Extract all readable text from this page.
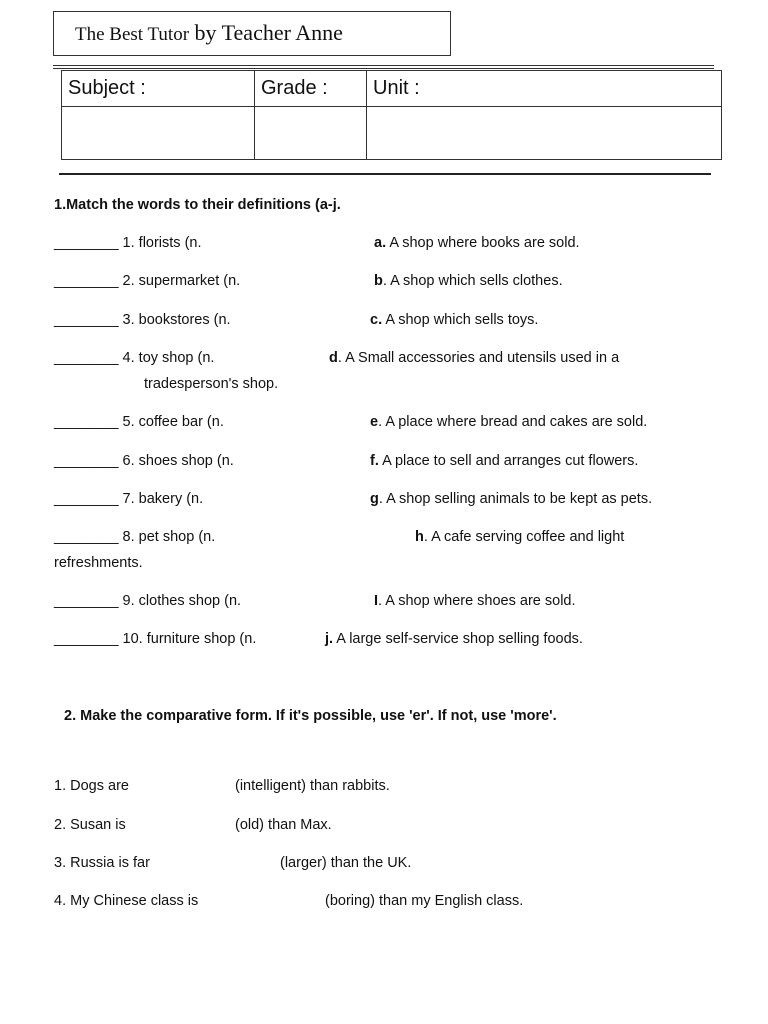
The Best Tutor by Teacher Anne
Subject :	Grade :	Unit :

1.Match the words to their definitions (a-j.
________ 1. florists (n.	a. A shop where books are sold.
________ 2. supermarket (n.	b. A shop which sells clothes.
________ 3. bookstores (n.	c. A shop which sells toys.
________ 4. toy shop (n.	d. A Small accessories and utensils used in a
tradesperson's shop.
________ 5. coffee bar (n.	e. A place where bread and cakes are sold.
________ 6. shoes shop (n.	f. A place to sell and arranges cut flowers.
________ 7. bakery (n.	g. A shop selling animals to be kept as pets.
________ 8. pet shop (n.	h. A cafe serving coffee and light
refreshments.
________ 9. clothes shop (n.	I. A shop where shoes are sold.
________ 10. furniture shop (n.	j. A large self-service shop selling foods.
2. Make the comparative form. If it's possible, use 'er'. If not, use 'more'.
1. Dogs are	(intelligent) than rabbits.
2. Susan is	(old) than Max.
3. Russia is far	(larger) than the UK.
4. My Chinese class is	(boring) than my English class.
